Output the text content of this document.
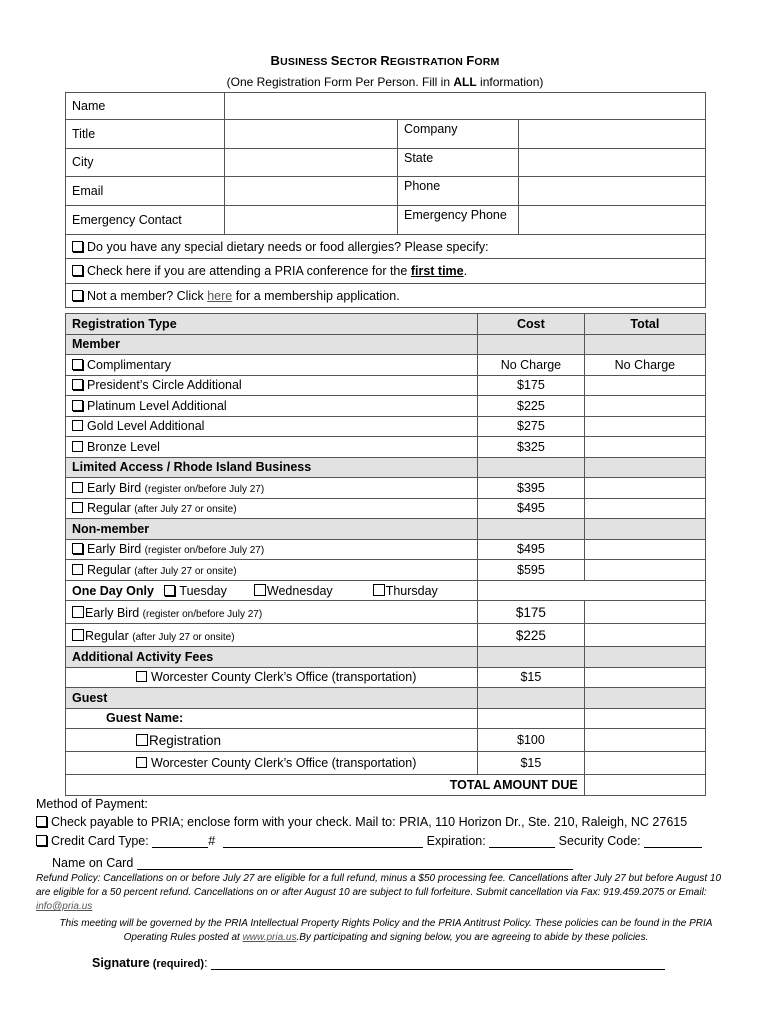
BUSINESS SECTOR REGISTRATION FORM
(One Registration Form Per Person. Fill in ALL information)
Name			
Title		Company	
City		State	
Email		Phone	
Emergency Contact		Emergency Phone	
Do you have any special dietary needs or food allergies? Please specify:			
Check here if you are attending a PRIA conference for the first time.			
Not a member? Click here for a membership application.			
Registration Type	Cost	Total
Member		
Complimentary	No Charge	No Charge
President’s Circle Additional	$175	
Platinum Level Additional	$225	
Gold Level Additional	$275	
Bronze Level	$325	
Limited Access / Rhode Island Business		
Early Bird (register on/before July 27)	$395	
Regular (after July 27 or onsite)	$495	
Non-member		
Early Bird (register on/before July 27)	$495	
Regular (after July 27 or onsite)	$595	
One Day Only Tuesday Wednesday Thursday		
Early Bird (register on/before July 27)	$175	
Regular (after July 27 or onsite)	$225	
Additional Activity Fees		
Worcester County Clerk’s Office (transportation)	$15	
Guest		
Guest Name:		
Registration	$100	
Worcester County Clerk’s Office (transportation)	$15	
TOTAL AMOUNT DUE		
Method of Payment:
Check payable to PRIA; enclose form with your check. Mail to: PRIA, 110 Horizon Dr., Ste. 210, Raleigh, NC 27615
Credit Card Type:	#	Expiration:	Security Code:
Name on Card
Refund Policy: Cancellations on or before July 27 are eligible for a full refund, minus a $50 processing fee. Cancellations after July 27 but before August 10 are eligible for a 50 percent refund. Cancellations on or after August 10 are subject to full forfeiture. Submit cancellation via Fax: 919.459.2075 or Email: info@pria.us
This meeting will be governed by the PRIA Intellectual Property Rights Policy and the PRIA Antitrust Policy. These policies can be found in the PRIA Operating Rules posted at www.pria.us.By participating and signing below, you are agreeing to abide by these policies.
Signature (required):
